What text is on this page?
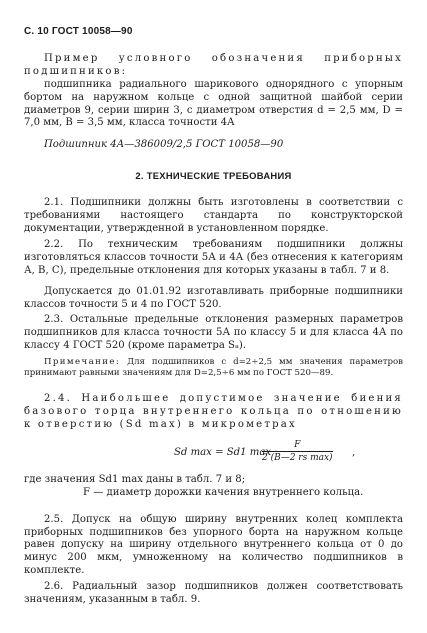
С. 10 ГОСТ 10058—90

Пример условного обозначения приборных подшипников:

подшипника радиального шарикового однорядного с упорным бортом на наружном кольце с одной защитной шайбой серии диаметров 9, серии ширин 3, с диаметром отверстия d = 2,5 мм, D = 7,0 мм, B = 3,5 мм, класса точности 4А

Подшипник 4А—386009/2,5 ГОСТ 10058—90

2. ТЕХНИЧЕСКИЕ ТРЕБОВАНИЯ

2.1. Подшипники должны быть изготовлены в соответствии с требованиями настоящего стандарта по конструкторской документации, утвержденной в установленном порядке.

2.2. По техническим требованиям подшипники должны изготовляться классов точности 5А и 4А (без отнесения к категориям А, В, С), предельные отклонения для которых указаны в табл. 7 и 8.

Допускается до 01.01.92 изготавливать приборные подшипники классов точности 5 и 4 по ГОСТ 520.

2.3. Остальные предельные отклонения размерных параметров подшипников для класса точности 5А по классу 5 и для класса 4А по классу 4 ГОСТ 520 (кроме параметра Sₐ).

Примечание: Для подшипников с d=2÷2,5 мм значения параметров принимают равными значениям для D=2,5÷6 мм по ГОСТ 520—89.

2.4. Наибольшее допустимое значение биения базового торца внутреннего кольца по отношению к отверстию (Sd max) в микрометрах

Sd max = Sd1 max ·
F
2 (B—2 rs max) ,

где значения Sd1 max даны в табл. 7 и 8;

F — диаметр дорожки качения внутреннего кольца.

2.5. Допуск на общую ширину внутренних колец комплекта приборных подшипников без упорного борта на наружном кольце равен допуску на ширину отдельного внутреннего кольца от 0 до минус 200 мкм, умноженному на количество подшипников в комплекте.

2.6. Радиальный зазор подшипников должен соответствовать значениям, указанным в табл. 9.
